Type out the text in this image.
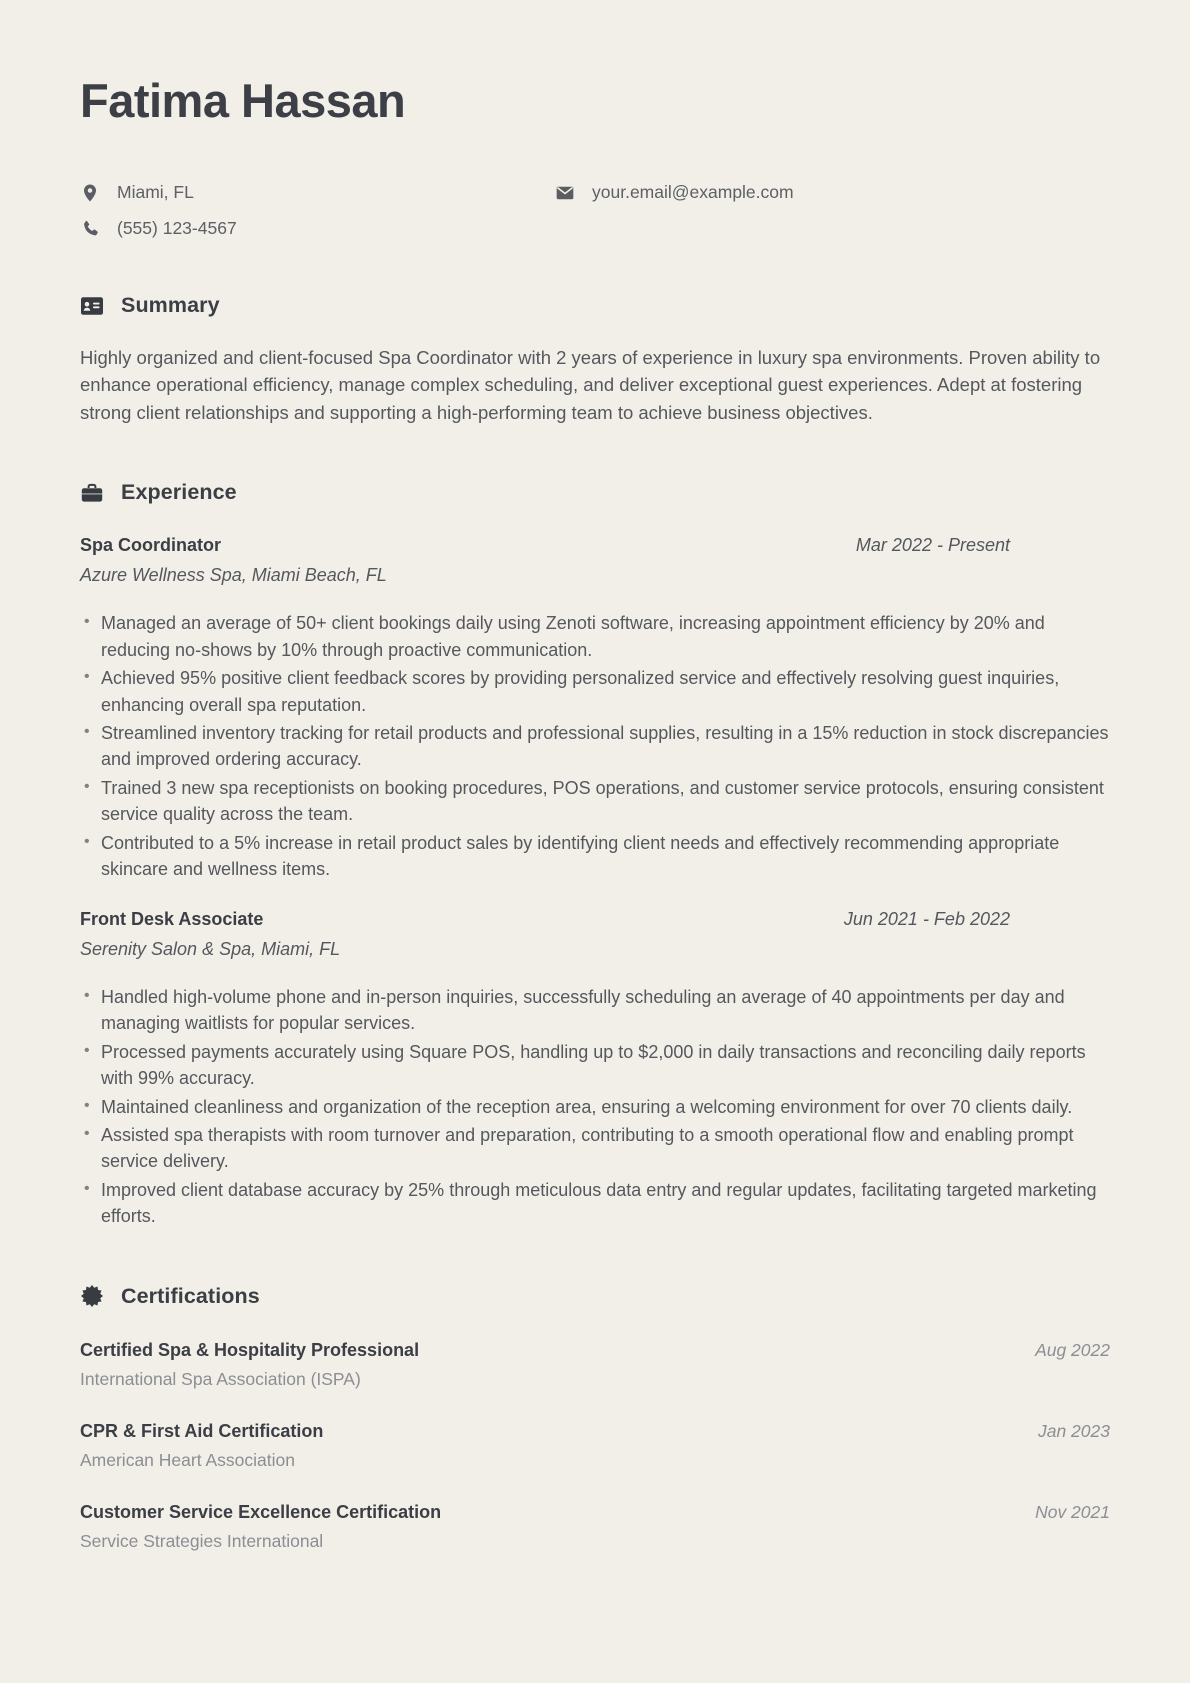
Fatima Hassan
Miami, FL	your.email@example.com
(555) 123-4567
Summary

Highly organized and client-focused Spa Coordinator with 2 years of experience in luxury spa environments. Proven ability to enhance operational efficiency, manage complex scheduling, and deliver exceptional guest experiences. Adept at fostering strong client relationships and supporting a high-performing team to achieve business objectives.

Experience
Spa Coordinator	Mar 2022 - Present
Azure Wellness Spa, Miami Beach, FL
• Managed an average of 50+ client bookings daily using Zenoti software, increasing appointment efficiency by 20% and reducing no-shows by 10% through proactive communication.
• Achieved 95% positive client feedback scores by providing personalized service and effectively resolving guest inquiries, enhancing overall spa reputation.
• Streamlined inventory tracking for retail products and professional supplies, resulting in a 15% reduction in stock discrepancies and improved ordering accuracy.
• Trained 3 new spa receptionists on booking procedures, POS operations, and customer service protocols, ensuring consistent service quality across the team.
• Contributed to a 5% increase in retail product sales by identifying client needs and effectively recommending appropriate skincare and wellness items.
Front Desk Associate	Jun 2021 - Feb 2022
Serenity Salon & Spa, Miami, FL
• Handled high-volume phone and in-person inquiries, successfully scheduling an average of 40 appointments per day and managing waitlists for popular services.
• Processed payments accurately using Square POS, handling up to $2,000 in daily transactions and reconciling daily reports with 99% accuracy.
• Maintained cleanliness and organization of the reception area, ensuring a welcoming environment for over 70 clients daily.
• Assisted spa therapists with room turnover and preparation, contributing to a smooth operational flow and enabling prompt service delivery.
• Improved client database accuracy by 25% through meticulous data entry and regular updates, facilitating targeted marketing efforts.
Certifications
Certified Spa & Hospitality Professional	Aug 2022
International Spa Association (ISPA)
CPR & First Aid Certification	Jan 2023
American Heart Association
Customer Service Excellence Certification	Nov 2021
Service Strategies International
